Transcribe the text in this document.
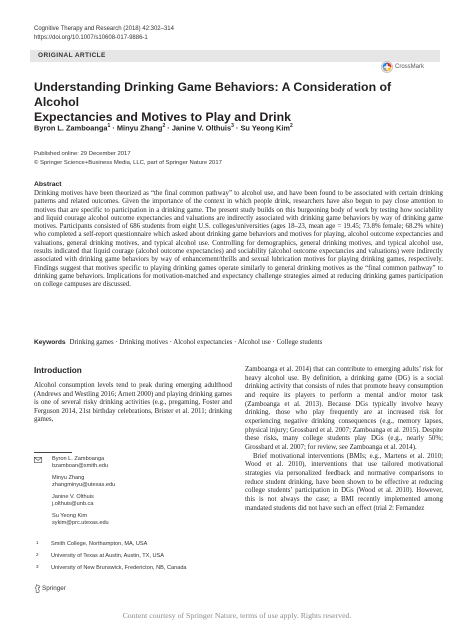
Cognitive Therapy and Research (2018) 42:302–314
https://doi.org/10.1007/s10608-017-9886-1
ORIGINAL ARTICLE
CrossMark
Understanding Drinking Game Behaviors: A Consideration of Alcohol
Expectancies and Motives to Play and Drink
Byron L. Zamboanga$^1$ · Minyu Zhang$^2$ · Janine V. Olthuis$^3$ · Su Yeong Kim$^2$
Published online: 29 December 2017
© Springer Science+Business Media, LLC, part of Springer Nature 2017
Abstract
Drinking motives have been theorized as “the final common pathway” to alcohol use, and have been found to be associated with certain drinking patterns and related outcomes. Given the importance of the context in which people drink, researchers have also begun to pay close attention to motives that are specific to participation in a drinking game. The present study builds on this burgeoning body of work by testing how sociability and liquid courage alcohol outcome expectancies and valuations are indirectly associated with drinking game behaviors by way of drinking game motives. Participants consisted of 686 students from eight U.S. colleges/universities (ages 18–23, mean age = 19.45; 73.8% female; 68.2% white) who completed a self-report questionnaire which asked about drinking game behaviors and motives for playing, alcohol outcome expectancies and valuations, general drinking motives, and typical alcohol use. Controlling for demographics, general drinking motives, and typical alcohol use, results indicated that liquid courage (alcohol outcome expectancies) and sociability (alcohol outcome expectancies and valuations) were indirectly associated with drinking game behaviors by way of enhancement/thrills and sexual lubrication motives for playing drinking games, respectively. Findings suggest that motives specific to playing drinking games operate similarly to general drinking motives as the “final common pathway” to drinking game behaviors. Implications for motivation-matched and expectancy challenge strategies aimed at reducing drinking games participation on college campuses are discussed.
Keywords Drinking games · Drinking motives · Alcohol expectancies · Alcohol use · College students
Introduction
Alcohol consumption levels tend to peak during emerging adulthood (Andrews and Westling 2016; Arnett 2000) and playing drinking games is one of several risky drinking activities (e.g., pregaming, Foster and Ferguson 2014, 21st birthday celebrations, Brister et al. 2011; drinking games,

Zamboanga et al. 2014) that can contribute to emerging adults’ risk for heavy alcohol use. By definition, a drinking game (DG) is a social drinking activity that consists of rules that promote heavy consumption and require its players to perform a mental and/or motor task (Zamboanga et al. 2013). Because DGs typically involve heavy drinking, those who play frequently are at increased risk for experiencing negative drinking consequences (e.g., memory lapses, physical injury; Grossbard et al. 2007; Zamboanga et al. 2015). Despite these risks, many college students play DGs (e.g., nearly 50%; Grossbard et al. 2007; for review, see Zamboanga et al. 2014).

Brief motivational interventions (BMIs; e.g., Martens et al. 2010; Wood et al. 2010), interventions that use tailored motivational strategies via personalized feedback and normative comparisons to reduce student drinking, have been shown to be effective at reducing college students’ participation in DGs (Wood et al. 2010). However, this is not always the case; a BMI recently implemented among mandated students did not have such an effect (trial 2: Fernandez

Byron L. Zamboanga
bzamboan@smith.edu
Minyu Zhang
zhangminyu@utexas.edu
Janine V. Olthuis
j.olthuis@unb.ca
Su Yeong Kim
sykim@prc.utexas.edu
1 Smith College, Northampton, MA, USA
2 University of Texas at Austin, Austin, TX, USA
3 University of New Brunswick, Fredericton, NB, Canada
Springer
Content courtesy of Springer Nature, terms of use apply. Rights reserved.
